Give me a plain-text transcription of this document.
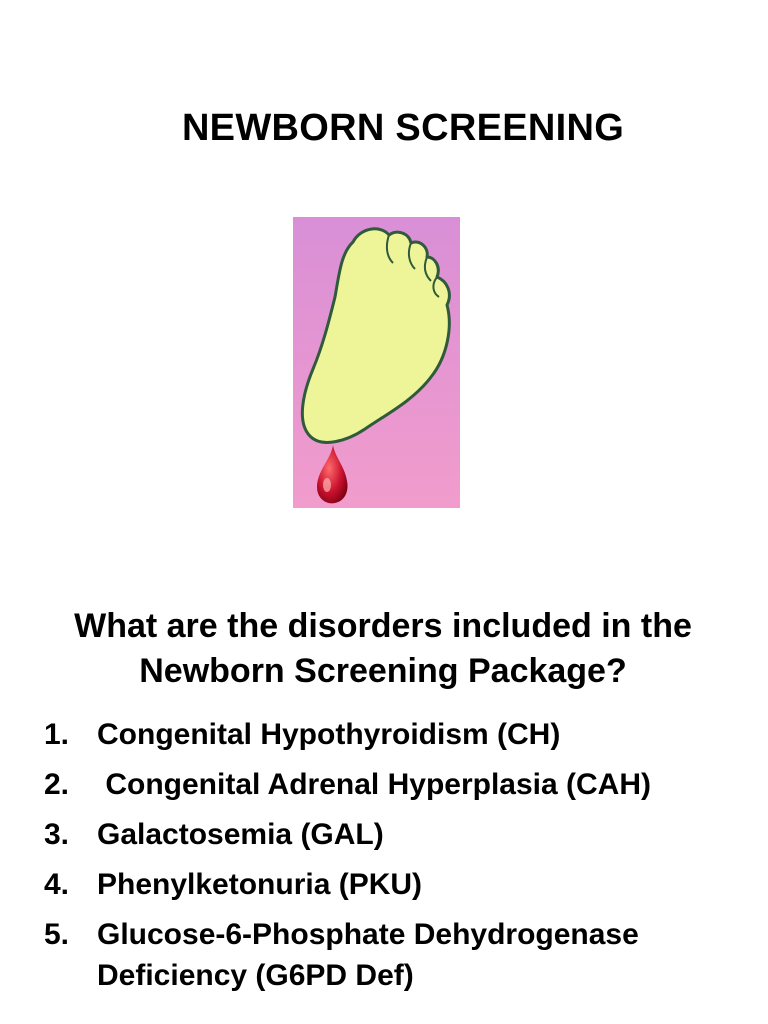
NEWBORN SCREENING
What are the disorders included in the Newborn Screening Package?
1. Congenital Hypothyroidism (CH)
2. Congenital Adrenal Hyperplasia (CAH)
3. Galactosemia (GAL)
4. Phenylketonuria (PKU)
5. Glucose-6-Phosphate Dehydrogenase Deficiency (G6PD Def)
